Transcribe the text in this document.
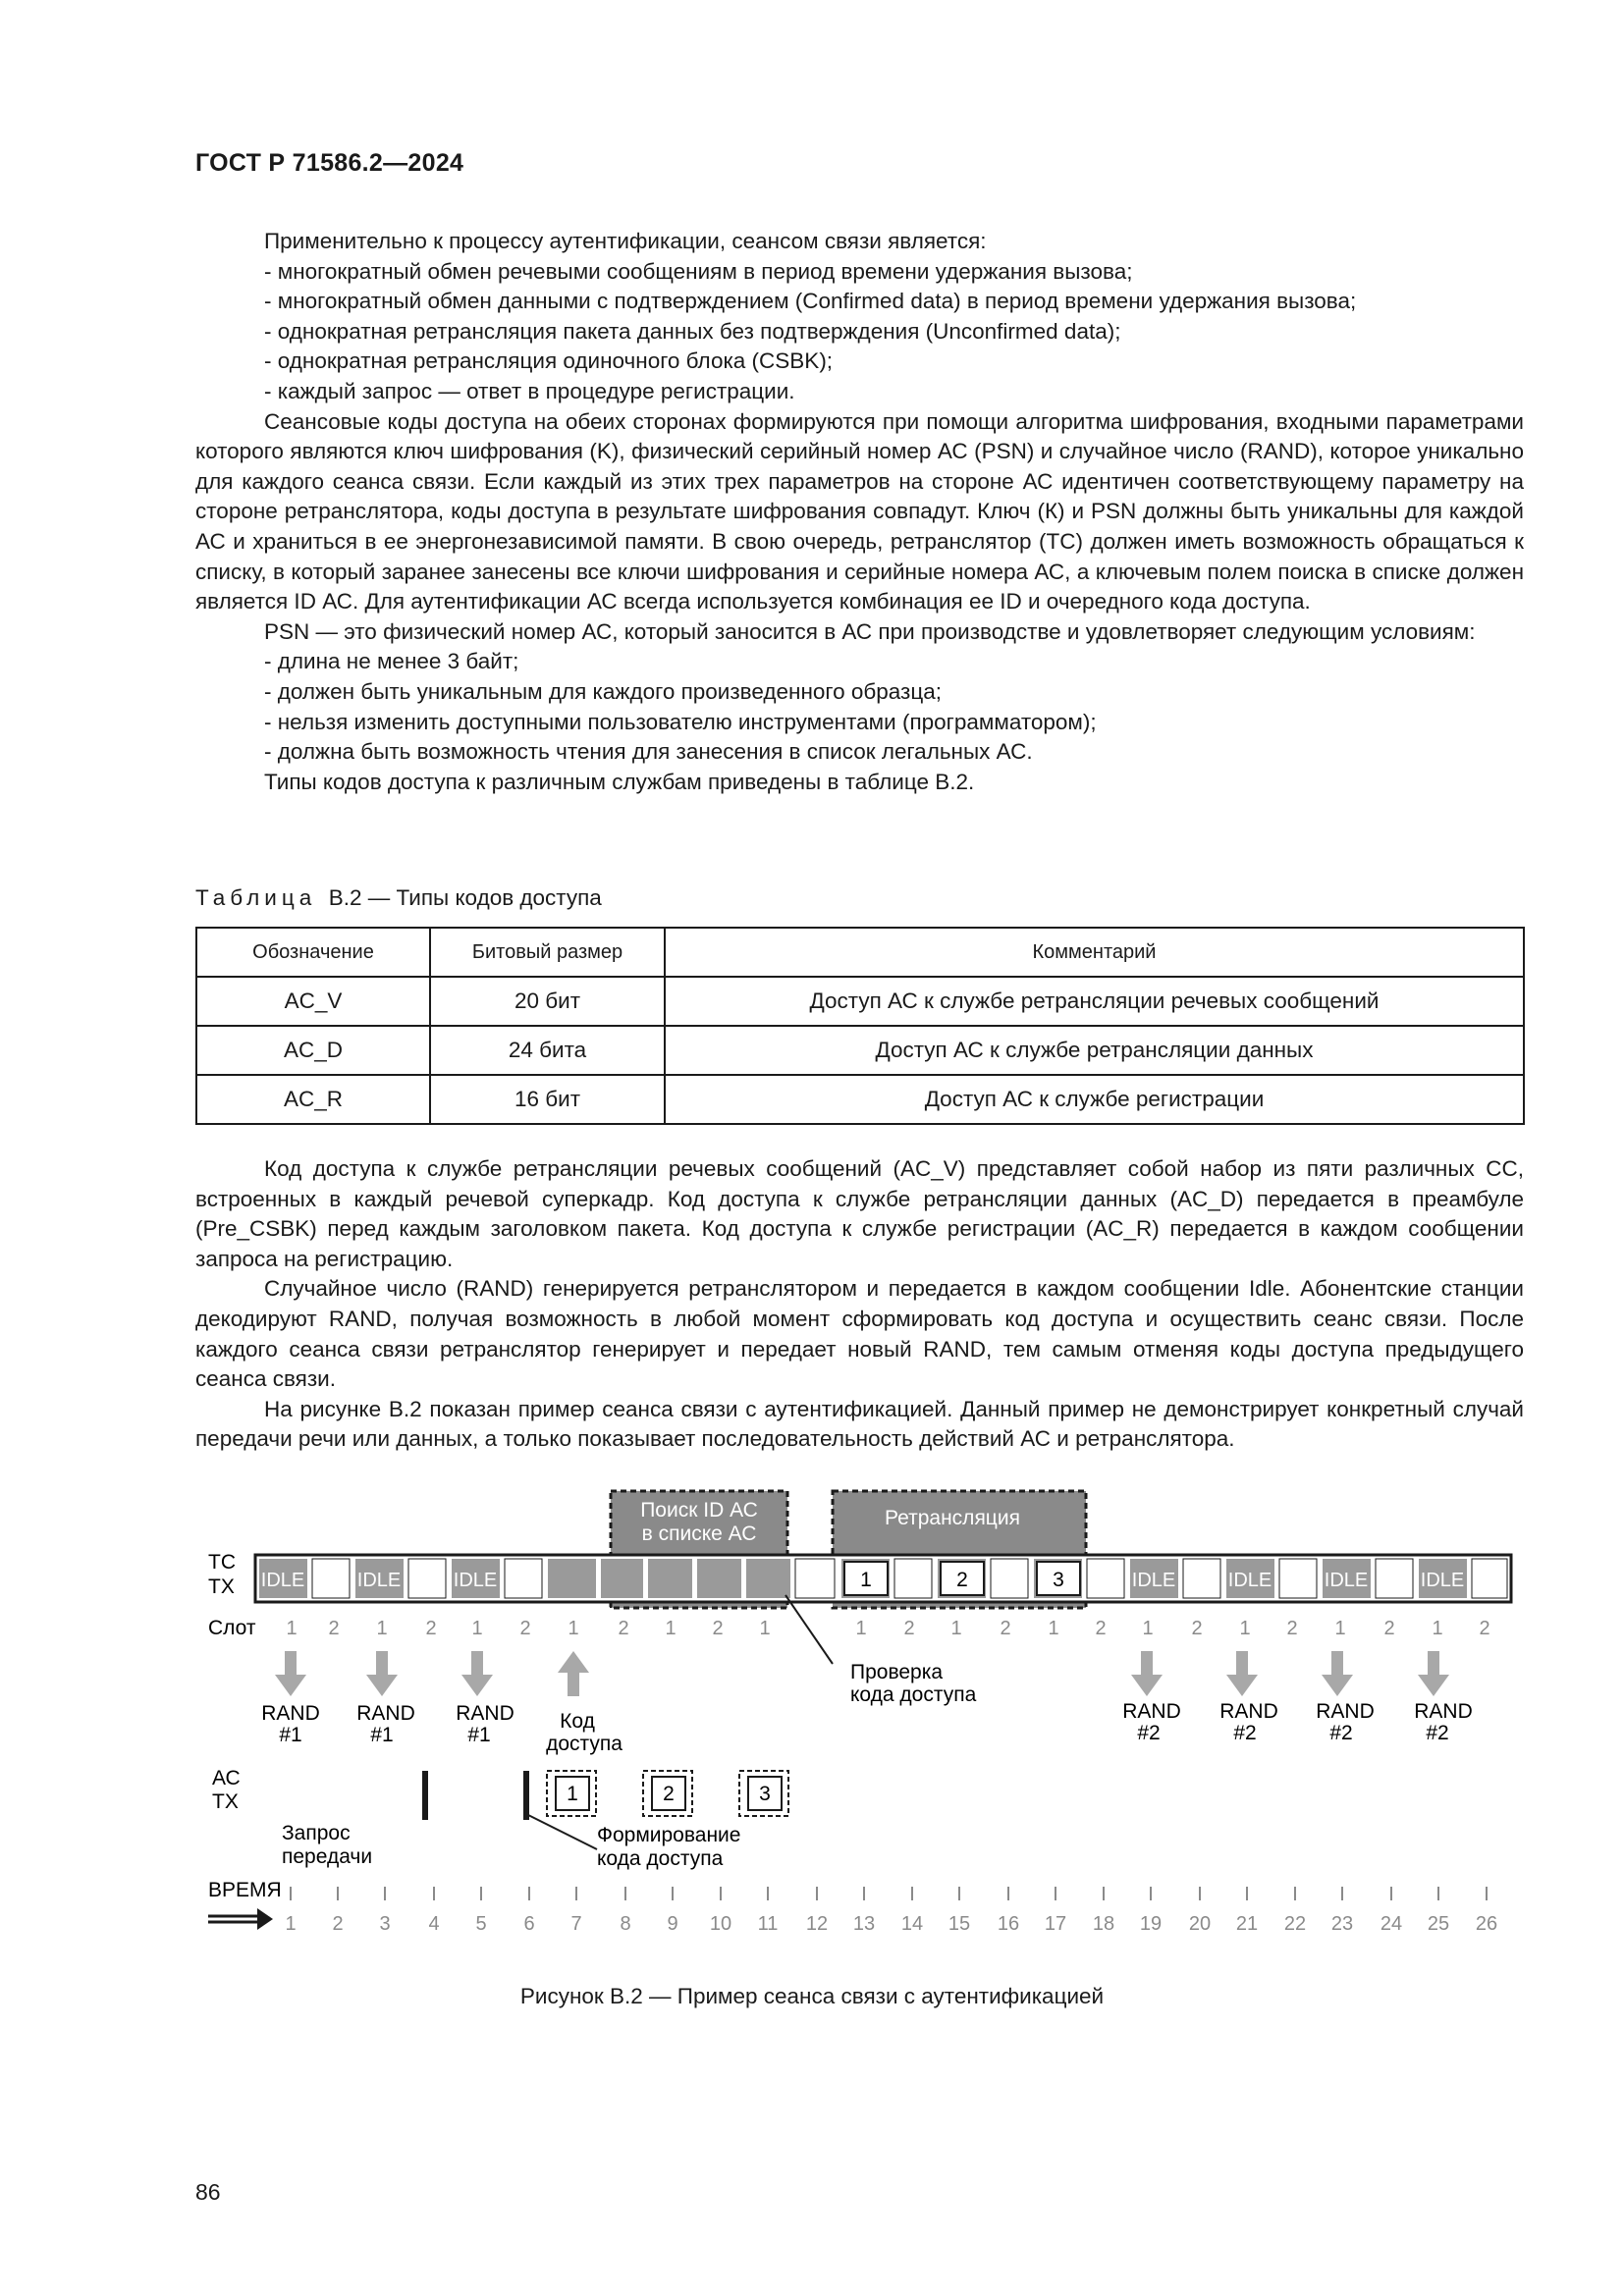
ГОСТ Р 71586.2—2024

Применительно к процессу аутентификации, сеансом связи является:

- многократный обмен речевыми сообщениям в период времени удержания вызова;

- многократный обмен данными с подтверждением (Confirmed data) в период времени удержания вызова;

- однократная ретрансляция пакета данных без подтверждения (Unconfirmed data);

- однократная ретрансляция одиночного блока (CSBK);

- каждый запрос — ответ в процедуре регистрации.

Сеансовые коды доступа на обеих сторонах формируются при помощи алгоритма шифрования, входными параметрами которого являются ключ шифрования (K), физический серийный номер АС (PSN) и случайное число (RAND), которое уникально для каждого сеанса связи. Если каждый из этих трех параметров на стороне АС идентичен соответствующему параметру на стороне ретранслятора, коды доступа в результате шифрования совпадут. Ключ (К) и PSN должны быть уникальны для каждой АС и храниться в ее энергонезависимой памяти. В свою очередь, ретранслятор (ТС) должен иметь возможность обращаться к списку, в который заранее занесены все ключи шифрования и серийные номера АС, а ключевым полем поиска в списке должен является ID АС. Для аутентификации АС всегда используется комбинация ее ID и очередного кода доступа.

PSN — это физический номер АС, который заносится в АС при производстве и удовлетворяет следующим условиям:

- длина не менее 3 байт;

- должен быть уникальным для каждого произведенного образца;

- нельзя изменить доступными пользователю инструментами (программатором);

- должна быть возможность чтения для занесения в список легальных АС.

Типы кодов доступа к различным службам приведены в таблице В.2.

Таблица В.2 — Типы кодов доступа
Обозначение	Битовый размер	Комментарий
AC_V	20 бит	Доступ АС к службе ретрансляции речевых сообщений
AC_D	24 бита	Доступ АС к службе ретрансляции данных
AC_R	16 бит	Доступ АС к службе регистрации

Код доступа к службе ретрансляции речевых сообщений (AC_V) представляет собой набор из пяти различных СС, встроенных в каждый речевой суперкадр. Код доступа к службе ретрансляции данных (AC_D) передается в преамбуле (Pre_CSBK) перед каждым заголовком пакета. Код доступа к службе регистрации (AC_R) передается в каждом сообщении запроса на регистрацию.

Случайное число (RAND) генерируется ретранслятором и передается в каждом сообщении Idle. Абонентские станции декодируют RAND, получая возможность в любой момент сформировать код доступа и осуществить сеанс связи. После каждого сеанса связи ретранслятор генерирует и передает новый RAND, тем самым отменяя коды доступа предыдущего сеанса связи.

На рисунке В.2 показан пример сеанса связи с аутентификацией. Данный пример не демонстрирует конкретный случай передачи речи или данных, а только показывает последовательность действий АС и ретранслятора.

Поиск ID АС
в списке АС
Ретрансляция
ТС
ТХ	1	2	3
IDLE	IDLE	IDLE	IDLE	IDLE	IDLE	IDLE
Слот 1 2 1 2 1 2 1 2 1 2 1	1 2 1 2 1 2 1 2 1 2 1 2 1 2
RAND
#1
RAND
#1
RAND
#1
Код
доступа
RAND
#2
RAND
#2
RAND
#2
RAND
#2
Проверка
кода доступа
АС
ТХ	1	2	3
Запрос
передачи
Формирование
кода доступа
ВРЕМЯ
1 2 3 4 5 6 7 8 9 10 11 12 13 14 15 16 17 18 19 20 21 22 23 24 25 26
Рисунок В.2 — Пример сеанса связи с аутентификацией
86
